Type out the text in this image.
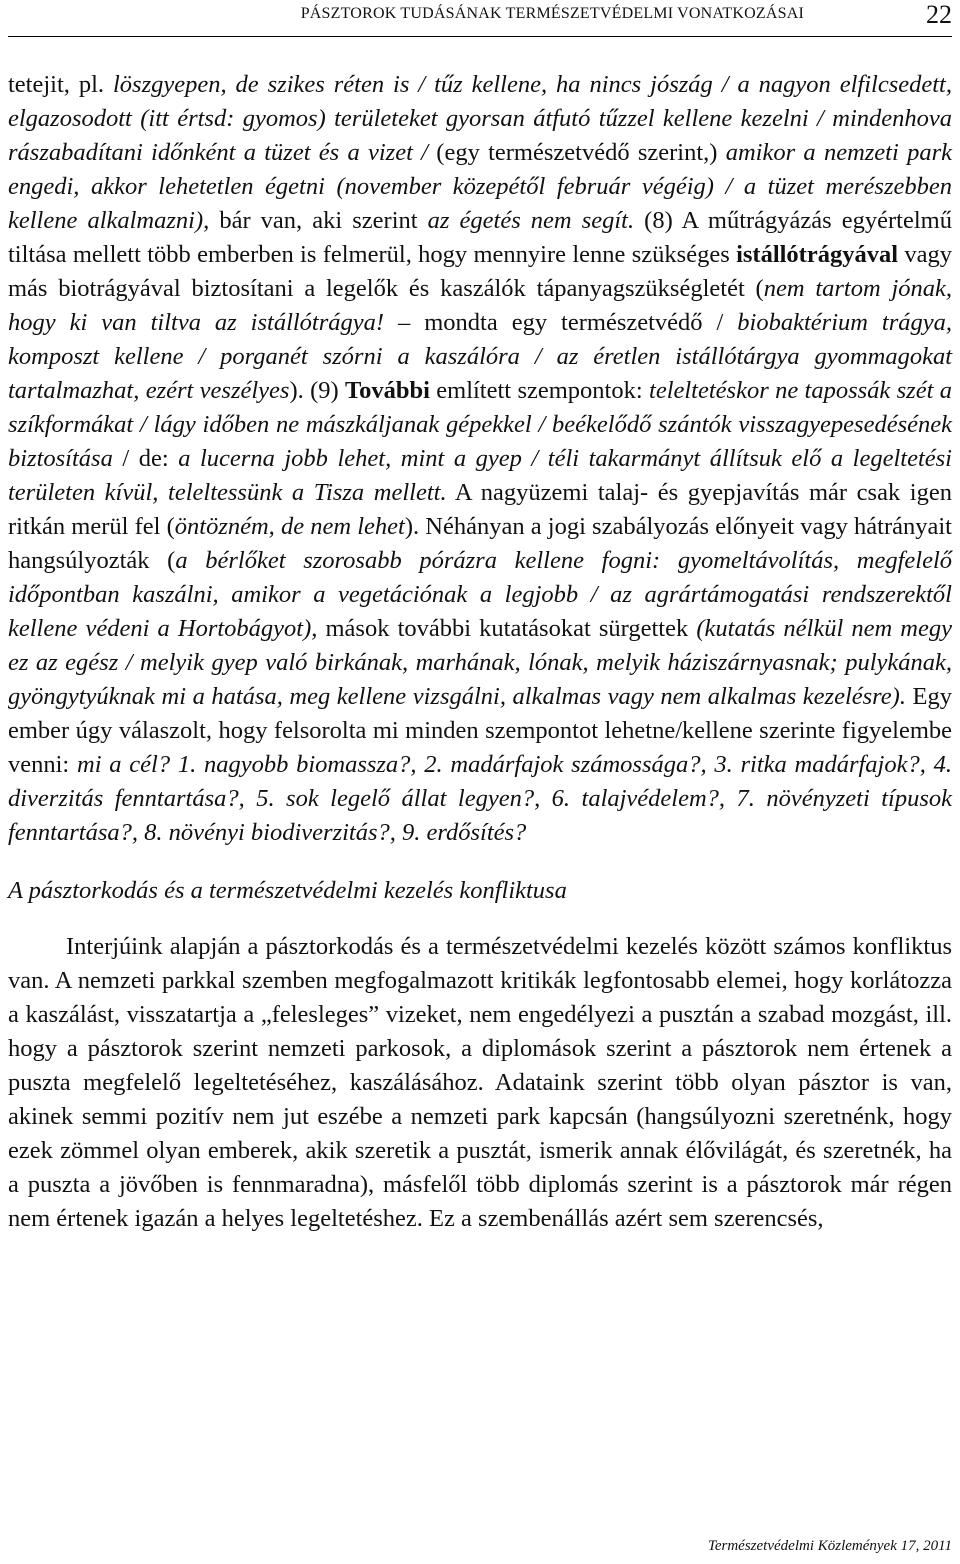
PÁSZTOROK TUDÁSÁNAK TERMÉSZETVÉDELMI VONATKOZÁSAI	22

tetejit, pl. löszgyepen, de szikes réten is / tűz kellene, ha nincs jószág / a nagyon elfilcsedett, elgazosodott (itt értsd: gyomos) területeket gyorsan átfutó tűzzel kellene kezelni / mindenhova rászabadítani időnként a tüzet és a vizet / (egy természetvédő szerint,) amikor a nemzeti park engedi, akkor lehetetlen égetni (november közepétől február végéig) / a tüzet merészebben kellene alkalmazni), bár van, aki szerint az égetés nem segít. (8) A műtrágyázás egyértelmű tiltása mellett több emberben is felmerül, hogy mennyire lenne szükséges istállótrágyával vagy más biotrágyával biztosítani a legelők és kaszálók tápanyagszükségletét (nem tartom jónak, hogy ki van tiltva az istállótrágya! – mondta egy természetvédő / biobaktérium trágya, komposzt kellene / porganét szórni a kaszálóra / az éretlen istállótárgya gyommagokat tartalmazhat, ezért veszélyes). (9) További említett szempontok: teleltetéskor ne tapossák szét a szíkformákat / lágy időben ne mászkáljanak gépekkel / beékelődő szántók visszagyepesedésének biztosítása / de: a lucerna jobb lehet, mint a gyep / téli takarmányt állítsuk elő a legeltetési területen kívül, teleltessünk a Tisza mellett. A nagyüzemi talaj- és gyepjavítás már csak igen ritkán merül fel (öntözném, de nem lehet). Néhányan a jogi szabályozás előnyeit vagy hátrányait hangsúlyozták (a bérlőket szorosabb pórázra kellene fogni: gyomeltávolítás, megfelelő időpontban kaszálni, amikor a vegetációnak a legjobb / az agrártámogatási rendszerektől kellene védeni a Hortobágyot), mások további kutatásokat sürgettek (kutatás nélkül nem megy ez az egész / melyik gyep való birkának, marhának, lónak, melyik háziszárnyasnak; pulykának, gyöngytyúknak mi a hatása, meg kellene vizsgálni, alkalmas vagy nem alkalmas kezelésre). Egy ember úgy válaszolt, hogy felsorolta mi minden szempontot lehetne/kellene szerinte figyelembe venni: mi a cél? 1. nagyobb biomassza?, 2. madárfajok számossága?, 3. ritka madárfajok?, 4. diverzitás fenntartása?, 5. sok legelő állat legyen?, 6. talajvédelem?, 7. növényzeti típusok fenntartása?, 8. növényi biodiverzitás?, 9. erdősítés?

A pásztorkodás és a természetvédelmi kezelés konfliktusa

Interjúink alapján a pásztorkodás és a természetvédelmi kezelés között számos konfliktus van. A nemzeti parkkal szemben megfogalmazott kritikák legfontosabb elemei, hogy korlátozza a kaszálást, visszatartja a „felesleges” vizeket, nem engedélyezi a pusztán a szabad mozgást, ill. hogy a pásztorok szerint nemzeti parkosok, a diplomások szerint a pásztorok nem értenek a puszta megfelelő legeltetéséhez, kaszálásához. Adataink szerint több olyan pásztor is van, akinek semmi pozitív nem jut eszébe a nemzeti park kapcsán (hangsúlyozni szeretnénk, hogy ezek zömmel olyan emberek, akik szeretik a pusztát, ismerik annak élővilágát, és szeretnék, ha a puszta a jövőben is fennmaradna), másfelől több diplomás szerint is a pásztorok már régen nem értenek igazán a helyes legeltetéshez. Ez a szembenállás azért sem szerencsés,

Természetvédelmi Közlemények 17, 2011
